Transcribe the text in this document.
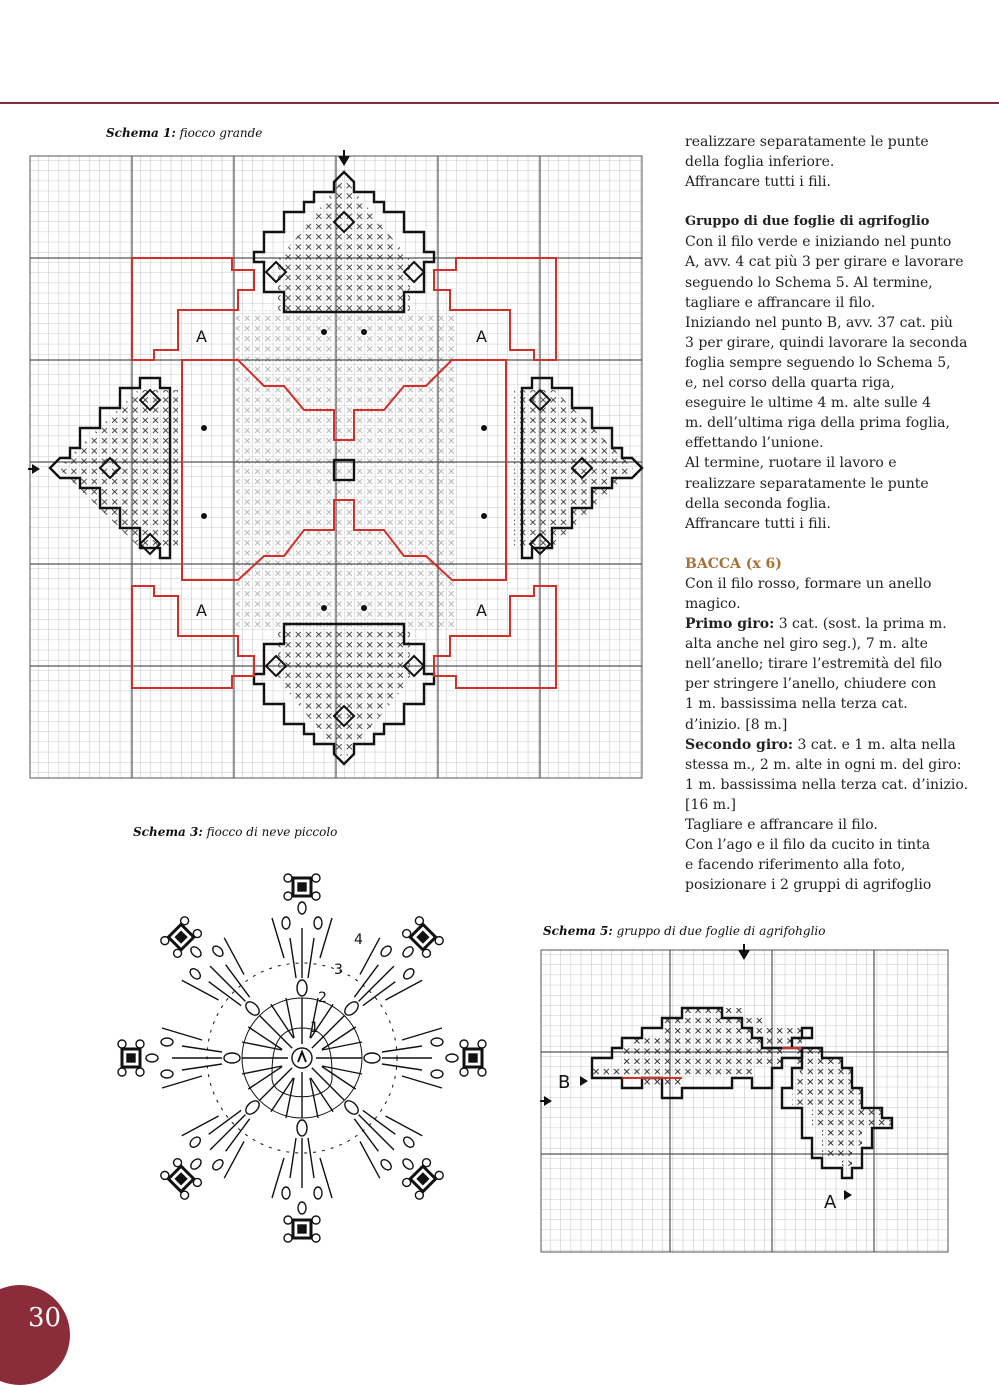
Schema 1: fiocco grande
A	A
A	A

realizzare separatamente le punte

della foglia inferiore.

Affrancare tutti i fili.

Gruppo di due foglie di agrifoglio

Con il filo verde e iniziando nel punto

A, avv. 4 cat più 3 per girare e lavorare

seguendo lo Schema 5. Al termine,

tagliare e affrancare il filo.

Iniziando nel punto B, avv. 37 cat. più

3 per girare, quindi lavorare la seconda

foglia sempre seguendo lo Schema 5,

e, nel corso della quarta riga,

eseguire le ultime 4 m. alte sulle 4

m. dell’ultima riga della prima foglia,

effettando l’unione.

Al termine, ruotare il lavoro e

realizzare separatamente le punte

della seconda foglia.

Affrancare tutti i fili.

BACCA (x 6)

Con il filo rosso, formare un anello

magico.

Primo giro: 3 cat. (sost. la prima m.

alta anche nel giro seg.), 7 m. alte

nell’anello; tirare l’estremità del filo

per stringere l’anello, chiudere con

1 m. bassissima nella terza cat.

d’inizio. [8 m.]

Secondo giro: 3 cat. e 1 m. alta nella

stessa m., 2 m. alte in ogni m. del giro:

1 m. bassissima nella terza cat. d’inizio.

[16 m.]

Tagliare e affrancare il filo.

Con l’ago e il filo da cucito in tinta

e facendo riferimento alla foto,

posizionare i 2 gruppi di agrifoglio

Schema 3: fiocco di neve piccolo
1
2
3
4
Schema 5: gruppo di due foglie di agrifohglio
B
A
30
